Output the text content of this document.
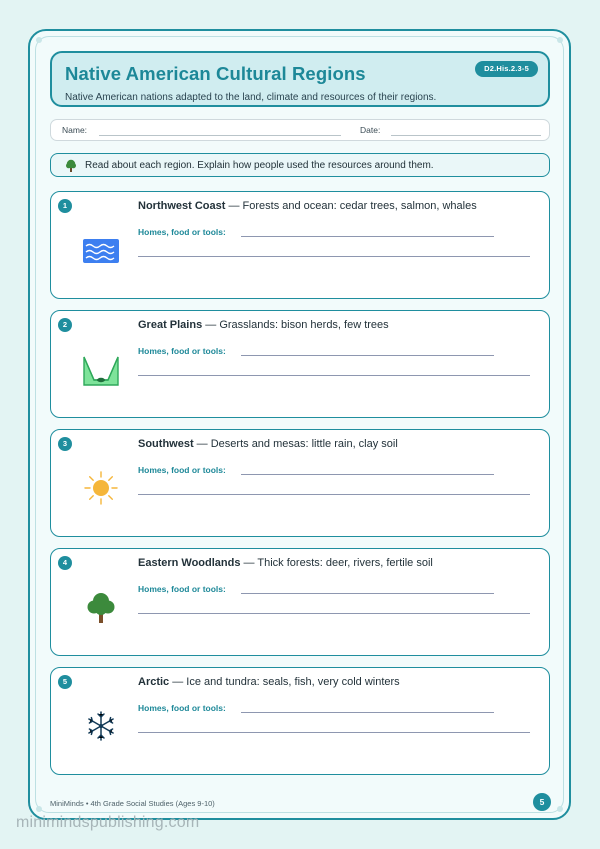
Native American Cultural Regions

Native American nations adapted to the land, climate and resources of their regions.

D2.His.2.3-5
Name:	Date:
Read about each region. Explain how people used the resources around them.
1	Northwest Coast — Forests and ocean: cedar trees, salmon, whales
Homes, food or tools:
2	Great Plains — Grasslands: bison herds, few trees
Homes, food or tools:
3	Southwest — Deserts and mesas: little rain, clay soil
Homes, food or tools:
4	Eastern Woodlands — Thick forests: deer, rivers, fertile soil
Homes, food or tools:
5	Arctic — Ice and tundra: seals, fish, very cold winters
Homes, food or tools:
MiniMinds • 4th Grade Social Studies (Ages 9-10)	5
minimindspublishing.com
